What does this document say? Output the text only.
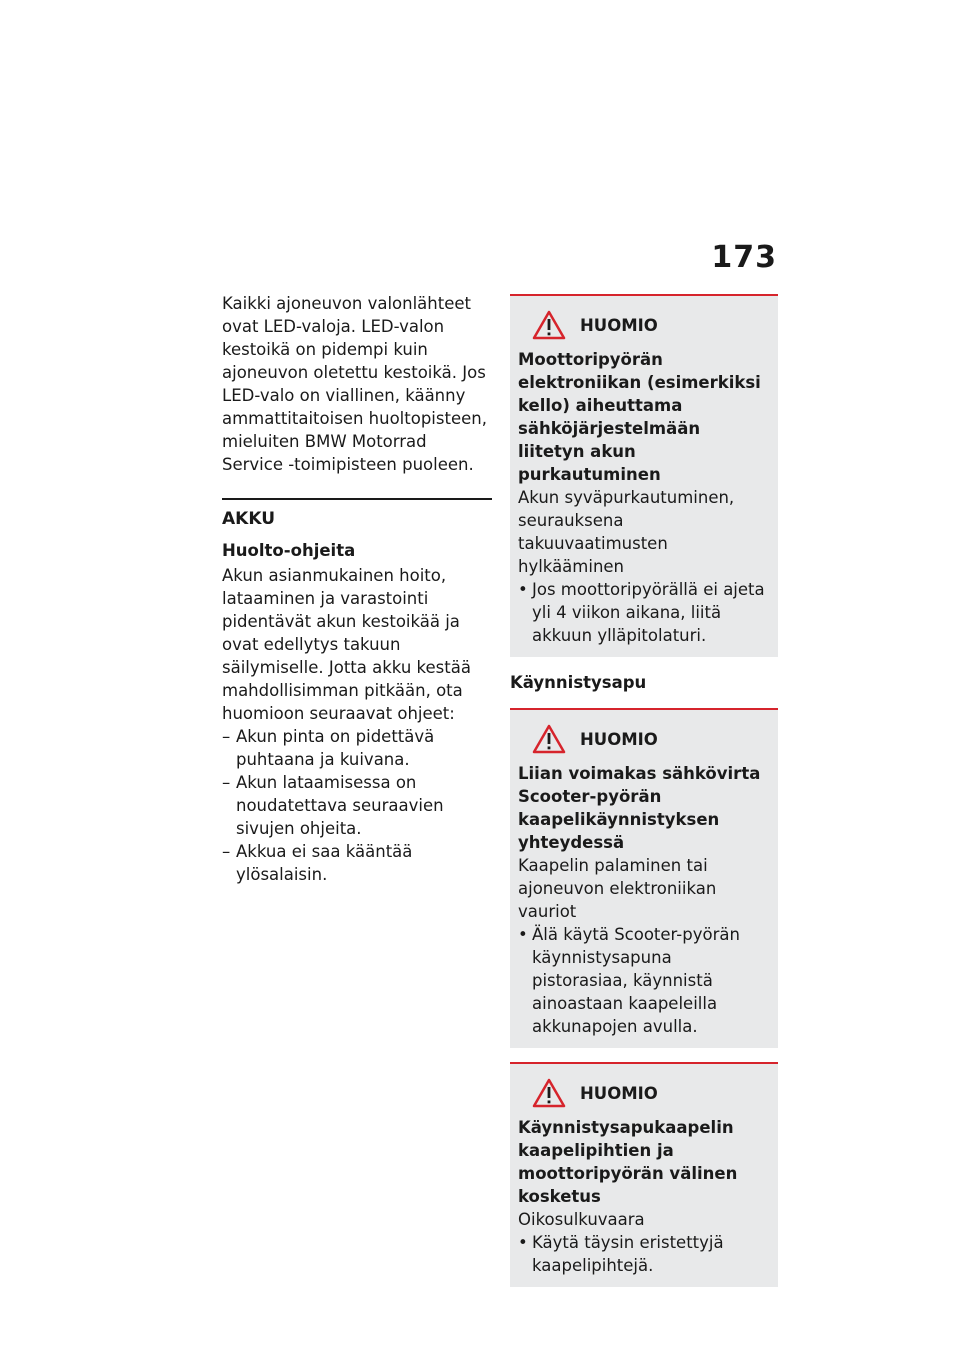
173

Kaikki ajoneuvon valonlähteet ovat LED-valoja. LED-valon kestoikä on pidempi kuin ajoneuvon oletettu kestoikä. Jos LED-valo on viallinen, käänny ammattitaitoisen huoltopisteen, mieluiten BMW Motorrad Service -toimipisteen puoleen.

AKKU
Huolto-ohjeita

Akun asianmukainen hoito, lataaminen ja varastointi pidentävät akun kestoikää ja ovat edellytys takuun säilymiselle. Jotta akku kestää mahdollisimman pitkään, ota huomioon seuraavat ohjeet:

– Akun pinta on pidettävä puhtaana ja kuivana.
– Akun lataamisessa on noudatettava seuraavien sivujen ohjeita.
– Akkua ei saa kääntää ylösalaisin.
HUOMIO
Moottoripyörän elektroniikan (esimerkiksi kello) aiheuttama sähköjärjestelmään liitetyn akun purkautuminen

Akun syväpurkautuminen, seurauksena takuuvaatimusten hylkääminen

• Jos moottoripyörällä ei ajeta yli 4 viikon aikana, liitä akkuun ylläpitolaturi.
Käynnistysapu
HUOMIO
Liian voimakas sähkövirta Scooter-pyörän kaapelikäynnistyksen yhteydessä

Kaapelin palaminen tai ajoneuvon elektroniikan vauriot

• Älä käytä Scooter-pyörän käynnistysapuna pistorasiaa, käynnistä ainoastaan kaapeleilla akkunapojen avulla.
HUOMIO
Käynnistysapukaapelin kaapelipihtien ja moottoripyörän välinen kosketus

Oikosulkuvaara

• Käytä täysin eristettyjä kaapelipihtejä.
